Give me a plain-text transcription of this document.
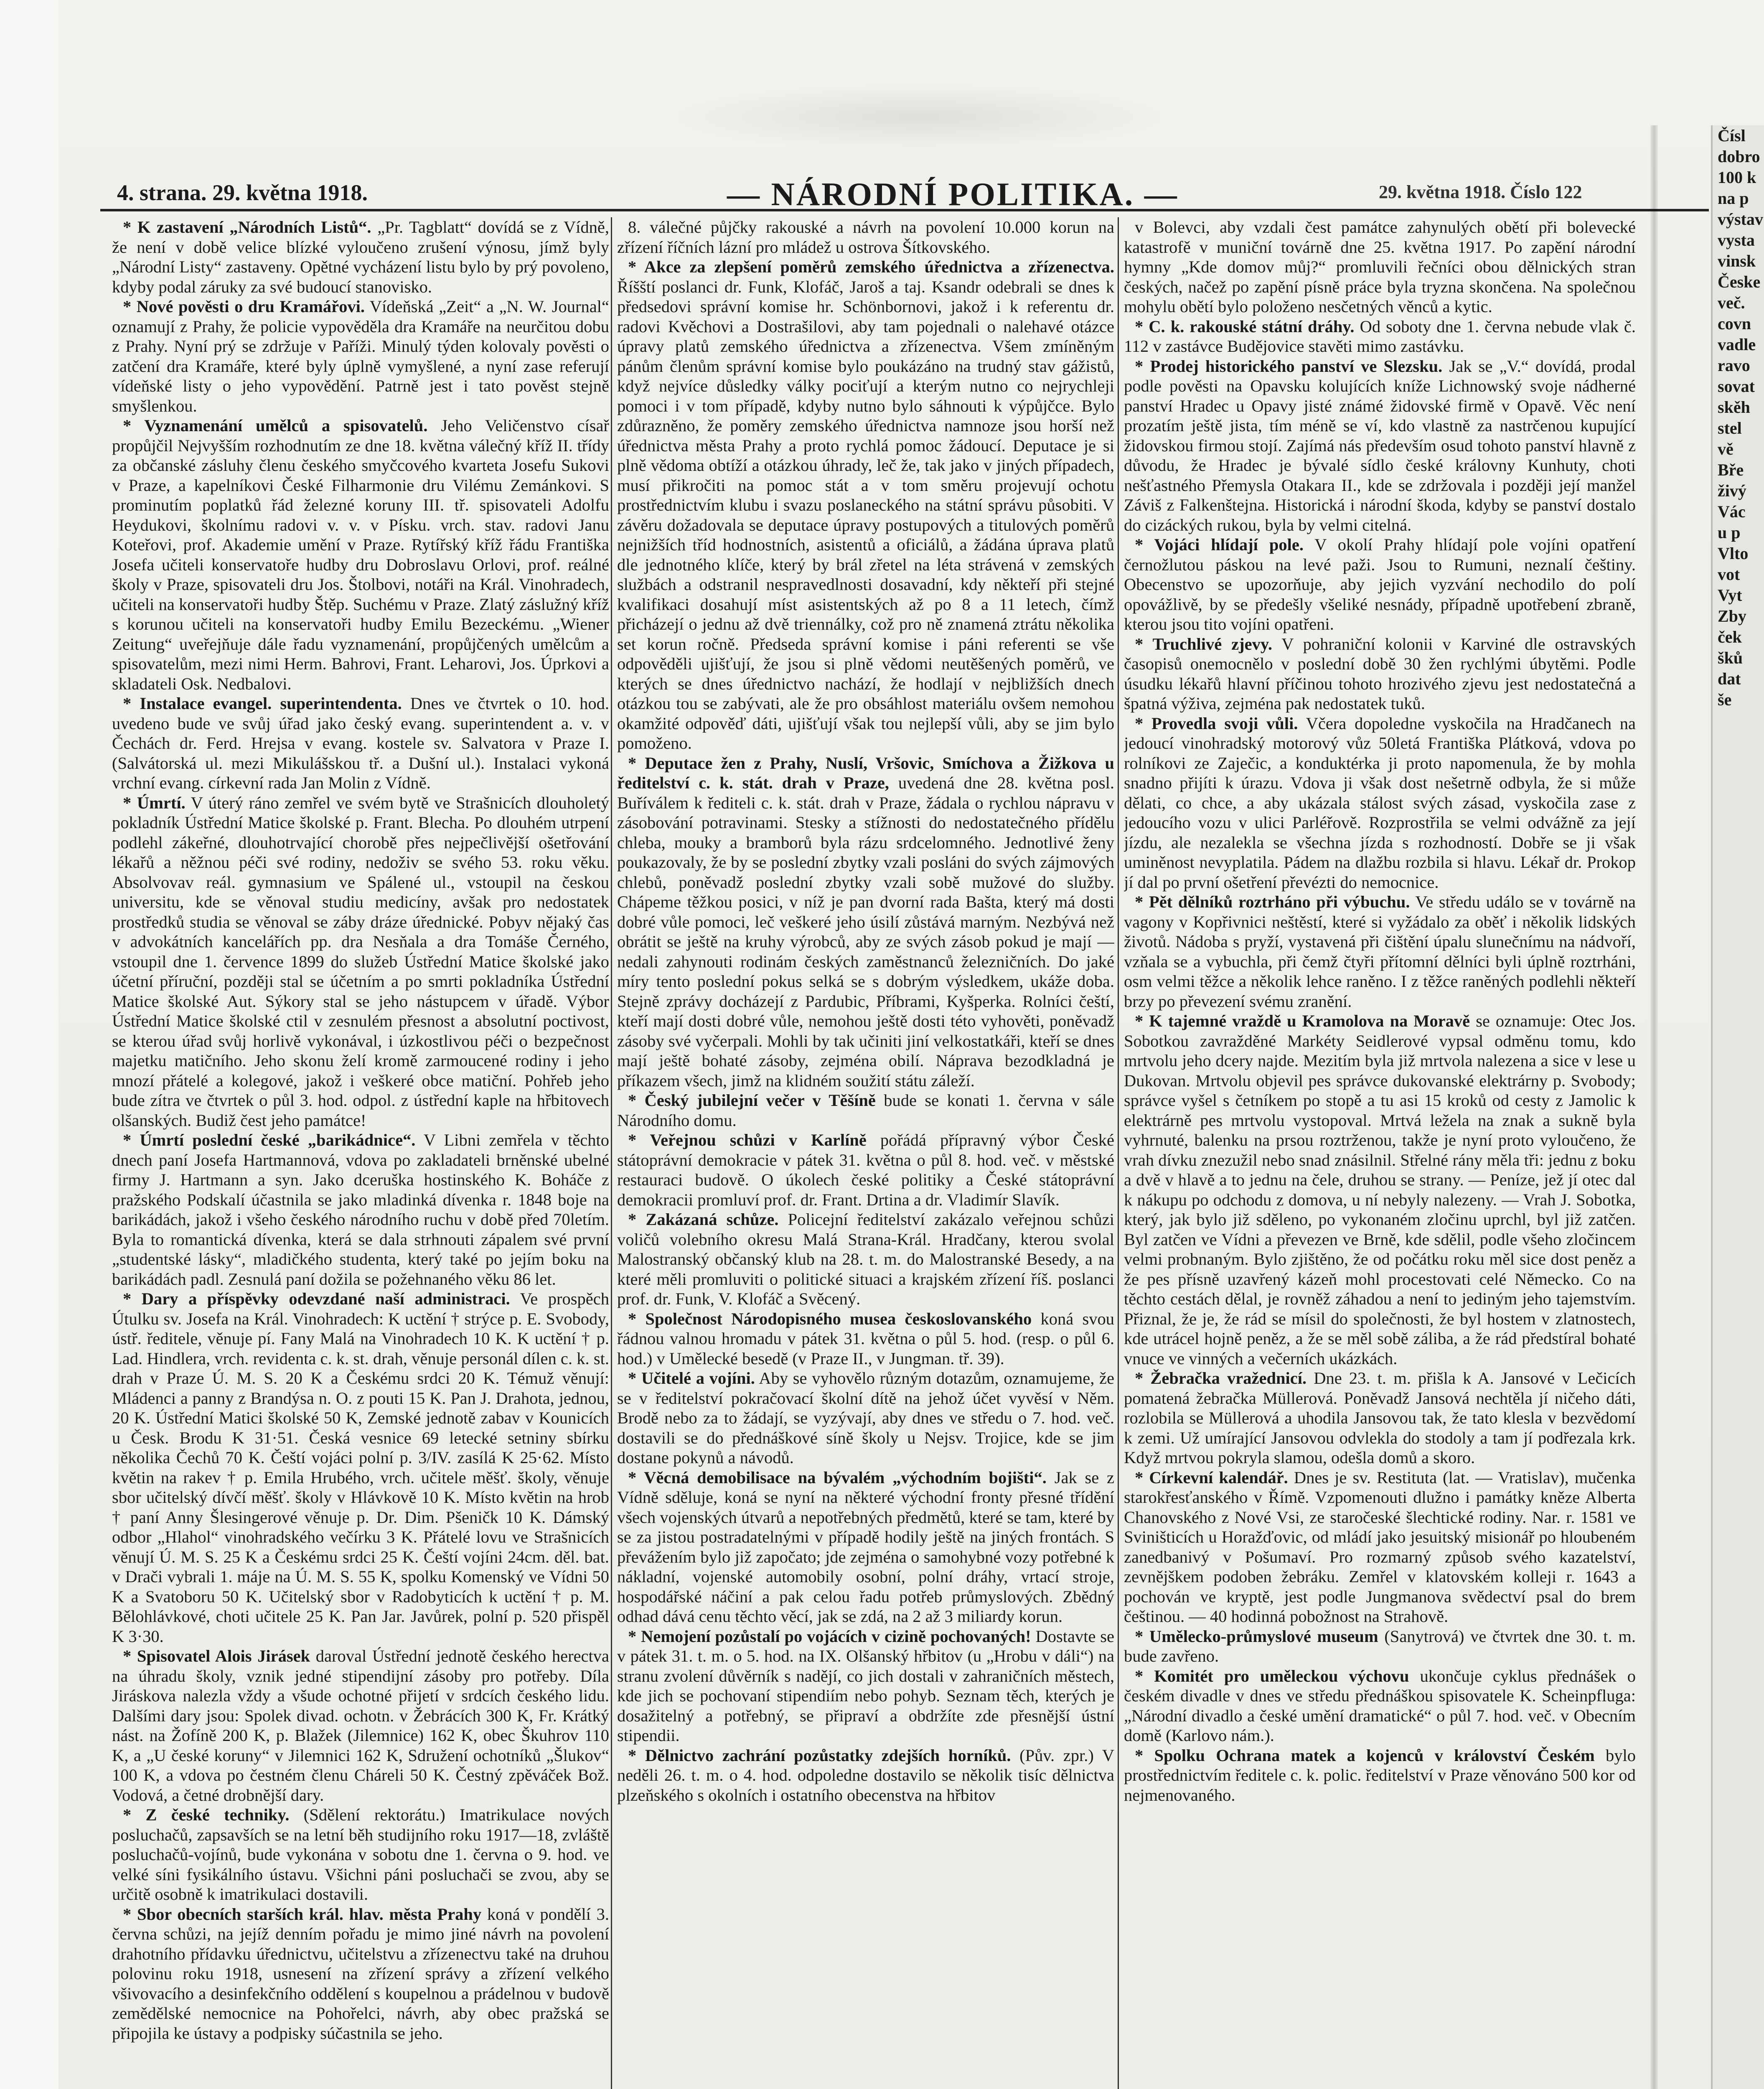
4. strana. 29. května 1918.	— NÁRODNÍ POLITIKA. —	29. května 1918. Číslo 122

* K zastavení „Národních Listů“. „Pr. Tagblatt“ dovídá se z Vídně, že není v době velice blízké vyloučeno zrušení výnosu, jímž byly „Národní Listy“ zastaveny. Opětné vycházení listu bylo by prý povoleno, kdyby podal záruky za své budoucí stanovisko.

* Nové pověsti o dru Kramářovi. Vídeňská „Zeit“ a „N. W. Journal“ oznamují z Prahy, že policie vypověděla dra Kramáře na neurčitou dobu z Prahy. Nyní prý se zdržuje v Paříži. Minulý týden kolovaly pověsti o zatčení dra Kramáře, které byly úplně vymyšlené, a nyní zase referují vídeňské listy o jeho vypovědění. Patrně jest i tato pověst stejně smyšlenkou.

* Vyznamenání umělců a spisovatelů. Jeho Veličenstvo císař propůjčil Nejvyšším rozhodnutím ze dne 18. května válečný kříž II. třídy za občanské zásluhy členu českého smyčcového kvarteta Josefu Sukovi v Praze, a kapelníkovi České Filharmonie dru Vilému Zemánkovi. S prominutím poplatků řád železné koruny III. tř. spisovateli Adolfu Heydukovi, školnímu radovi v. v. v Písku. vrch. stav. radovi Janu Koteřovi, prof. Akademie umění v Praze. Rytířský kříž řádu Františka Josefa učiteli konservatoře hudby dru Dobroslavu Orlovi, prof. reálné školy v Praze, spisovateli dru Jos. Štolbovi, notáři na Král. Vinohradech, učiteli na konservatoři hudby Štěp. Suchému v Praze. Zlatý záslužný kříž s korunou učiteli na konservatoři hudby Emilu Bezeckému. „Wiener Zeitung“ uveřejňuje dále řadu vyznamenání, propůjčených umělcům a spisovatelům, mezi nimi Herm. Bahrovi, Frant. Leharovi, Jos. Úprkovi a skladateli Osk. Nedbalovi.

* Instalace evangel. superintendenta. Dnes ve čtvrtek o 10. hod. uvedeno bude ve svůj úřad jako český evang. superintendent a. v. v Čechách dr. Ferd. Hrejsa v evang. kostele sv. Salvatora v Praze I. (Salvátorská ul. mezi Mikulášskou tř. a Dušní ul.). Instalaci vykoná vrchní evang. církevní rada Jan Molin z Vídně.

* Úmrtí. V úterý ráno zemřel ve svém bytě ve Strašnicích dlouholetý pokladník Ústřední Matice školské p. Frant. Blecha. Po dlouhém utrpení podlehl zákeřné, dlouhotrvající chorobě přes nejpečlivější ošetřování lékařů a něžnou péči své rodiny, nedoživ se svého 53. roku věku. Absolvovav reál. gymnasium ve Spálené ul., vstoupil na českou universitu, kde se věnoval studiu medicíny, avšak pro nedostatek prostředků studia se věnoval se záby dráze úřednické. Pobyv nějaký čas v advokátních kancelářích pp. dra Nesňala a dra Tomáše Černého, vstoupil dne 1. července 1899 do služeb Ústřední Matice školské jako účetní příruční, později stal se účetním a po smrti pokladníka Ústřední Matice školské Aut. Sýkory stal se jeho nástupcem v úřadě. Výbor Ústřední Matice školské ctil v zesnulém přesnost a absolutní poctivost, se kterou úřad svůj horlivě vykonával, i úzkostlivou péči o bezpečnost majetku matičního. Jeho skonu želí kromě zarmoucené rodiny i jeho mnozí přátelé a kolegové, jakož i veškeré obce matiční. Pohřeb jeho bude zítra ve čtvrtek o půl 3. hod. odpol. z ústřední kaple na hřbitovech olšanských. Budiž čest jeho památce!

* Úmrtí poslední české „barikádnice“. V Libni zemřela v těchto dnech paní Josefa Hartmannová, vdova po zakladateli brněnské ubelné firmy J. Hartmann a syn. Jako dceruška hostinského K. Boháče z pražského Podskalí účastnila se jako mladinká dívenka r. 1848 boje na barikádách, jakož i všeho českého národního ruchu v době před 70letím. Byla to romantická dívenka, která se dala strhnouti zápalem své první „studentské lásky“, mladičkého studenta, který také po jejím boku na barikádách padl. Zesnulá paní dožila se požehnaného věku 86 let.

* Dary a příspěvky odevzdané naší administraci. Ve prospěch Útulku sv. Josefa na Král. Vinohradech: K uctění † strýce p. E. Svobody, ústř. ředitele, věnuje pí. Fany Malá na Vinohradech 10 K. K uctění † p. Lad. Hindlera, vrch. revidenta c. k. st. drah, věnuje personál dílen c. k. st. drah v Praze Ú. M. S. 20 K a Českému srdci 20 K. Témuž věnují: Mládenci a panny z Brandýsa n. O. z pouti 15 K. Pan J. Drahota, jednou, 20 K. Ústřední Matici školské 50 K, Zemské jednotě zabav v Kounicích u Česk. Brodu K 31·51. Česká vesnice 69 letecké setniny sbírku několika Čechů 70 K. Čeští vojáci polní p. 3/IV. zasílá K 25·62. Místo květin na rakev † p. Emila Hrubého, vrch. učitele měšť. školy, věnuje sbor učitelský dívčí měšť. školy v Hlávkově 10 K. Místo květin na hrob † paní Anny Šlesingerové věnuje p. Dr. Dim. Pšeničk 10 K. Dámský odbor „Hlahol“ vinohradského večírku 3 K. Přátelé lovu ve Strašnicích věnují Ú. M. S. 25 K a Českému srdci 25 K. Čeští vojíni 24cm. děl. bat. v Drači vybrali 1. máje na Ú. M. S. 55 K, spolku Komenský ve Vídni 50 K a Svatoboru 50 K. Učitelský sbor v Radobyticích k uctění † p. M. Bělohlávkové, choti učitele 25 K. Pan Jar. Javůrek, polní p. 520 přispěl K 3·30.

* Spisovatel Alois Jirásek daroval Ústřední jednotě českého herectva na úhradu školy, vznik jedné stipendijní zásoby pro potřeby. Díla Jiráskova nalezla vždy a všude ochotné přijetí v srdcích českého lidu. Dalšími dary jsou: Spolek divad. ochotn. v Žebrácích 300 K, Fr. Krátký nást. na Žofíně 200 K, p. Blažek (Jilemnice) 162 K, obec Škuhrov 110 K, a „U české koruny“ v Jilemnici 162 K, Sdružení ochotníků „Šlukov“ 100 K, a vdova po čestném členu Cháreli 50 K. Čestný zpěváček Bož. Vodová, a četné drobnější dary.

* Z české techniky. (Sdělení rektorátu.) Imatrikulace nových posluchačů, zapsavších se na letní běh studijního roku 1917—18, zvláště posluchačů-vojínů, bude vykonána v sobotu dne 1. června o 9. hod. ve velké síni fysikálního ústavu. Všichni páni posluchači se zvou, aby se určitě osobně k imatrikulaci dostavili.

* Sbor obecních starších král. hlav. města Prahy koná v pondělí 3. června schůzi, na jejíž denním pořadu je mimo jiné návrh na povolení drahotního přídavku úřednictvu, učitelstvu a zřízenectvu také na druhou polovinu roku 1918, usnesení na zřízení správy a zřízení velkého všivovacího a desinfekčního oddělení s koupelnou a prádelnou v budově zemědělské nemocnice na Pohořelci, návrh, aby obec pražská se připojila ke ústavy a podpisky súčastnila se jeho.

8. válečné půjčky rakouské a návrh na povolení 10.000 korun na zřízení říčních lázní pro mládež u ostrova Šítkovského.

* Akce za zlepšení poměrů zemského úřednictva a zřízenectva. Říšští poslanci dr. Funk, Klofáč, Jaroš a taj. Ksandr odebrali se dnes k předsedovi správní komise hr. Schönbornovi, jakož i k referentu dr. radovi Kvěchovi a Dostrašilovi, aby tam pojednali o nalehavé otázce úpravy platů zemského úřednictva a zřízenectva. Všem zmíněným pánům členům správní komise bylo poukázáno na trudný stav gážistů, když nejvíce důsledky války pociťují a kterým nutno co nejrychleji pomoci i v tom případě, kdyby nutno bylo sáhnouti k výpůjčce. Bylo zdůrazněno, že poměry zemského úřednictva namnoze jsou horší než úřednictva města Prahy a proto rychlá pomoc žádoucí. Deputace je si plně vědoma obtíží a otázkou úhrady, leč že, tak jako v jiných případech, musí přikročiti na pomoc stát a v tom směru projevují ochotu prostřednictvím klubu i svazu poslaneckého na státní správu působiti. V závěru dožadovala se deputace úpravy postupových a titulových poměrů nejnižších tříd hodnostních, asistentů a oficiálů, a žádána úprava platů dle jednotného klíče, který by brál zřetel na léta strávená v zemských službách a odstranil nespravedlnosti dosavadní, kdy někteří při stejné kvalifikaci dosahují míst asistentských až po 8 a 11 letech, čímž přicházejí o jednu až dvě triennálky, což pro ně znamená ztrátu několika set korun ročně. Předseda správní komise i páni referenti se vše odpověděli ujišťují, že jsou si plně vědomi neutěšených poměrů, ve kterých se dnes úřednictvo nachází, že hodlají v nejbližších dnech otázkou tou se zabývati, ale že pro obsáhlost materiálu ovšem nemohou okamžité odpověď dáti, ujišťují však tou nejlepší vůli, aby se jim bylo pomoženo.

* Deputace žen z Prahy, Nuslí, Vršovic, Smíchova a Žižkova u ředitelství c. k. stát. drah v Praze, uvedená dne 28. května posl. Buříválem k řediteli c. k. stát. drah v Praze, žádala o rychlou nápravu v zásobování potravinami. Stesky a stížnosti do nedostatečného přídělu chleba, mouky a bramborů byla rázu srdcelomného. Jednotlivé ženy poukazovaly, že by se poslední zbytky vzali posláni do svých zájmových chlebů, poněvadž poslední zbytky vzali sobě mužové do služby. Chápeme těžkou posici, v níž je pan dvorní rada Bašta, který má dosti dobré vůle pomoci, leč veškeré jeho úsilí zůstává marným. Nezbývá než obrátit se ještě na kruhy výrobců, aby ze svých zásob pokud je mají — nedali zahynouti rodinám českých zaměstnanců železničních. Do jaké míry tento poslední pokus selká se s dobrým výsledkem, ukáže doba. Stejně zprávy docházejí z Pardubic, Příbrami, Kyšperka. Rolníci čeští, kteří mají dosti dobré vůle, nemohou ještě dosti této vyhověti, poněvadž zásoby své vyčerpali. Mohli by tak učiniti jiní velkostatkáři, kteří se dnes mají ještě bohaté zásoby, zejména obilí. Náprava bezodkladná je příkazem všech, jimž na klidném soužití státu záleží.

* Český jubilejní večer v Těšíně bude se konati 1. června v sále Národního domu.

* Veřejnou schůzi v Karlíně pořádá přípravný výbor České státoprávní demokracie v pátek 31. května o půl 8. hod. več. v městské restauraci budově. O úkolech české politiky a České státoprávní demokracii promluví prof. dr. Frant. Drtina a dr. Vladimír Slavík.

* Zakázaná schůze. Policejní ředitelství zakázalo veřejnou schůzi voličů volebního okresu Malá Strana-Král. Hradčany, kterou svolal Malostranský občanský klub na 28. t. m. do Malostranské Besedy, a na které měli promluviti o politické situaci a krajském zřízení říš. poslanci prof. dr. Funk, V. Klofáč a Svěcený.

* Společnost Národopisného musea českoslovanského koná svou řádnou valnou hromadu v pátek 31. května o půl 5. hod. (resp. o půl 6. hod.) v Umělecké besedě (v Praze II., v Jungman. tř. 39).

* Učitelé a vojíni. Aby se vyhovělo různým dotazům, oznamujeme, že se v ředitelství pokračovací školní dítě na jehož účet vyvěsí v Něm. Brodě nebo za to žádají, se vyzývají, aby dnes ve středu o 7. hod. več. dostavili se do přednáškové síně školy u Nejsv. Trojice, kde se jim dostane pokynů a návodů.

* Věcná demobilisace na bývalém „východním bojišti“. Jak se z Vídně sděluje, koná se nyní na některé východní fronty přesné třídění všech vojenských útvarů a nepotřebných předmětů, které se tam, které by se za jistou postradatelnými v případě hodily ještě na jiných frontách. S převážením bylo již započato; jde zejména o samohybné vozy potřebné k nákladní, vojenské automobily osobní, polní dráhy, vrtací stroje, hospodářské náčiní a pak celou řadu potřeb průmyslových. Zbědný odhad dává cenu těchto věcí, jak se zdá, na 2 až 3 miliardy korun.

* Nemojení pozůstalí po vojácích v cizině pochovaných! Dostavte se v pátek 31. t. m. o 5. hod. na IX. Olšanský hřbitov (u „Hrobu v dáli“) na stranu zvolení důvěrník s nadějí, co jich dostali v zahraničních městech, kde jich se pochovaní stipendiím nebo pohyb. Seznam těch, kterých je dosažitelný a potřebný, se připraví a obdržíte zde přesnější ústní stipendii.

* Dělnictvo zachrání pozůstatky zdejších horníků. (Pův. zpr.) V neděli 26. t. m. o 4. hod. odpoledne dostavilo se několik tisíc dělnictva plzeňského s okolních i ostatního obecenstva na hřbitov

v Bolevci, aby vzdali čest památce zahynulých obětí při bolevecké katastrofě v muniční továrně dne 25. května 1917. Po zapění národní hymny „Kde domov můj?“ promluvili řečníci obou dělnických stran českých, načež po zapění písně práce byla tryzna skončena. Na společnou mohylu obětí bylo položeno nesčetných věnců a kytic.

* C. k. rakouské státní dráhy. Od soboty dne 1. června nebude vlak č. 112 v zastávce Budějovice stavěti mimo zastávku.

* Prodej historického panství ve Slezsku. Jak se „V.“ dovídá, prodal podle pověsti na Opavsku kolujících kníže Lichnowský svoje nádherné panství Hradec u Opavy jisté známé židovské firmě v Opavě. Věc není prozatím ještě jista, tím méně se ví, kdo vlastně za nastrčenou kupující židovskou firmou stojí. Zajímá nás především osud tohoto panství hlavně z důvodu, že Hradec je bývalé sídlo české královny Kunhuty, choti nešťastného Přemysla Otakara II., kde se zdržovala i později její manžel Záviš z Falkenštejna. Historická i národní škoda, kdyby se panství dostalo do cizáckých rukou, byla by velmi citelná.

* Vojáci hlídají pole. V okolí Prahy hlídají pole vojíni opatření černožlutou páskou na levé paži. Jsou to Rumuni, neznalí češtiny. Obecenstvo se upozorňuje, aby jejich vyzvání nechodilo do polí opovážlivě, by se předešly všeliké nesnády, případně upotřebení zbraně, kterou jsou tito vojíni opatřeni.

* Truchlivé zjevy. V pohraniční kolonii v Karviné dle ostravských časopisů onemocnělo v poslední době 30 žen rychlými úbytěmi. Podle úsudku lékařů hlavní příčinou tohoto hrozivého zjevu jest nedostatečná a špatná výživa, zejména pak nedostatek tuků.

* Provedla svoji vůli. Včera dopoledne vyskočila na Hradčanech na jedoucí vinohradský motorový vůz 50letá Františka Plátková, vdova po rolníkovi ze Zaječic, a konduktérka ji proto napomenula, že by mohla snadno přijíti k úrazu. Vdova ji však dost nešetrně odbyla, že si může dělati, co chce, a aby ukázala stálost svých zásad, vyskočila zase z jedoucího vozu v ulici Parléřově. Rozprostřila se velmi odvážně za její jízdu, ale nezalekla se všechna jízda s rozhodností. Dobře se ji však uminěnost nevyplatila. Pádem na dlažbu rozbila si hlavu. Lékař dr. Prokop jí dal po první ošetření převézti do nemocnice.

* Pět dělníků roztrháno při výbuchu. Ve středu událo se v továrně na vagony v Kopřivnici neštěstí, které si vyžádalo za oběť i několik lidských životů. Nádoba s pryží, vystavená při čištění úpalu slunečnímu na nádvoří, vzňala se a vybuchla, při čemž čtyři přítomní dělníci byli úplně roztrháni, osm velmi těžce a několik lehce raněno. I z těžce raněných podlehli někteří brzy po převezení svému zranění.

* K tajemné vraždě u Kramolova na Moravě se oznamuje: Otec Jos. Sobotkou zavražděné Markéty Seidlerové vypsal odměnu tomu, kdo mrtvolu jeho dcery najde. Mezitím byla již mrtvola nalezena a sice v lese u Dukovan. Mrtvolu objevil pes správce dukovanské elektrárny p. Svobody; správce vyšel s četníkem po stopě a tu asi 15 kroků od cesty z Jamolic k elektrárně pes mrtvolu vystopoval. Mrtvá ležela na znak a sukně byla vyhrnuté, balenku na prsou roztrženou, takže je nyní proto vyloučeno, že vrah dívku znezužil nebo snad znásilnil. Střelné rány měla tři: jednu z boku a dvě v hlavě a to jednu na čele, druhou se strany. — Peníze, jež jí otec dal k nákupu po odchodu z domova, u ní nebyly nalezeny. — Vrah J. Sobotka, který, jak bylo již sděleno, po vykonaném zločinu uprchl, byl již zatčen. Byl zatčen ve Vídni a převezen ve Brně, kde sdělil, podle všeho zločincem velmi probnaným. Bylo zjištěno, že od počátku roku měl sice dost peněz a že pes přísně uzavřený kázeň mohl procestovati celé Německo. Co na těchto cestách dělal, je rovněž záhadou a není to jediným jeho tajemstvím. Přiznal, že je, že rád se mísil do společnosti, že byl hostem v zlatnostech, kde utrácel hojně peněz, a že se měl sobě záliba, a že rád předstíral bohaté vnuce ve vinných a večerních ukázkách.

* Žebračka vražednicí. Dne 23. t. m. přišla k A. Jansové v Lečicích pomatená žebračka Müllerová. Poněvadž Jansová nechtěla jí ničeho dáti, rozlobila se Müllerová a uhodila Jansovou tak, že tato klesla v bezvědomí k zemi. Už umírající Jansovou odvlekla do stodoly a tam jí podřezala krk. Když mrtvou pokryla slamou, odešla domů a skoro.

* Církevní kalendář. Dnes je sv. Restituta (lat. — Vratislav), mučenka starokřesťanského v Římě. Vzpomenouti dlužno i památky kněze Alberta Chanovského z Nové Vsi, ze staročeské šlechtické rodiny. Nar. r. 1581 ve Sviništicích u Horažďovic, od mládí jako jesuitský misionář po hloubeném zanedbanivý v Pošumaví. Pro rozmarný způsob svého kazatelství, zevnějškem podoben žebráku. Zemřel v klatovském kolleji r. 1643 a pochován ve kryptě, jest podle Jungmanova svědectví psal do brem češtinou. — 40 hodinná pobožnost na Strahově.

* Umělecko-průmyslové museum (Sanytrová) ve čtvrtek dne 30. t. m. bude zavřeno.

* Komitét pro uměleckou výchovu ukončuje cyklus přednášek o českém divadle v dnes ve středu přednáškou spisovatele K. Scheinpfluga: „Národní divadlo a české umění dramatické“ o půl 7. hod. več. v Obecním domě (Karlovo nám.).

* Spolku Ochrana matek a kojenců v království Českém bylo prostřednictvím ředitele c. k. polic. ředitelství v Praze věnováno 500 kor od nejmenovaného.

Čísl
dobro
100 k
na p
výstav
vysta
vinsk
Česke
več.
covn
vadle
ravo
sovat
skěh
stel
vě
Bře
živý
Vác
u p
Vlto
vot
Vyt
Zby
ček
šků
dat
še
